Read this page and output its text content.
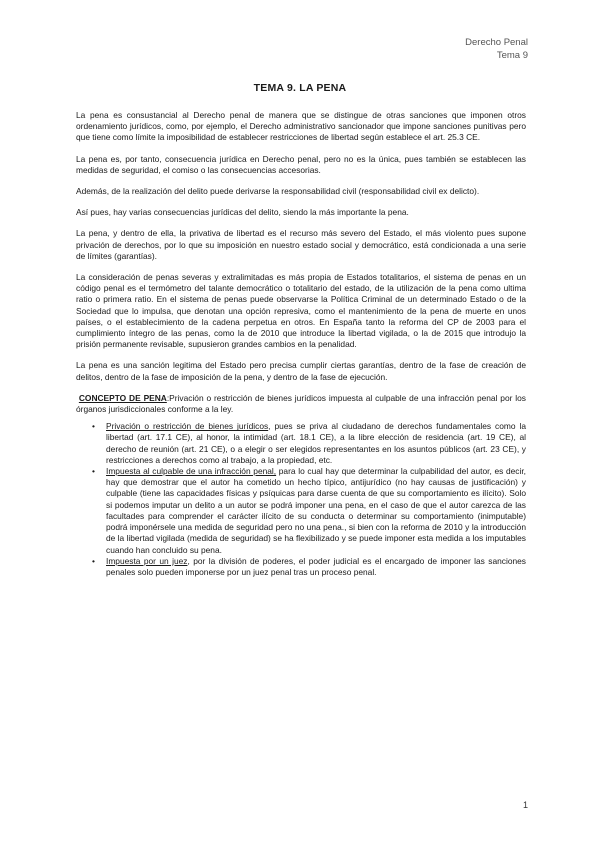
Derecho Penal
Tema 9
TEMA 9. LA PENA

La pena es consustancial al Derecho penal de manera que se distingue de otras sanciones que imponen otros ordenamiento jurídicos, como, por ejemplo, el Derecho administrativo sancionador que impone sanciones punitivas pero que tiene como límite la imposibilidad de establecer restricciones de libertad según establece el art. 25.3 CE.

La pena es, por tanto, consecuencia jurídica en Derecho penal, pero no es la única, pues también se establecen las medidas de seguridad, el comiso o las consecuencias accesorias.

Además, de la realización del delito puede derivarse la responsabilidad civil (responsabilidad civil ex delicto).

Así pues, hay varias consecuencias jurídicas del delito, siendo la más importante la pena.

La pena, y dentro de ella, la privativa de libertad es el recurso más severo del Estado, el más violento pues supone privación de derechos, por lo que su imposición en nuestro estado social y democrático, está condicionada a una serie de límites (garantías).

La consideración de penas severas y extralimitadas es más propia de Estados totalitarios, el sistema de penas en un código penal es el termómetro del talante democrático o totalitario del estado, de la utilización de la pena como ultima ratio o primera ratio. En el sistema de penas puede observarse la Política Criminal de un determinado Estado o de la Sociedad que lo impulsa, que denotan una opción represiva, como el mantenimiento de la pena de muerte en unos países, o el establecimiento de la cadena perpetua en otros. En España tanto la reforma del CP de 2003 para el cumplimiento íntegro de las penas, como la de 2010 que introduce la libertad vigilada, o la de 2015 que introdujo la prisión permanente revisable, supusieron grandes cambios en la penalidad.

La pena es una sanción legitima del Estado pero precisa cumplir ciertas garantías, dentro de la fase de creación de delitos, dentro de la fase de imposición de la pena, y dentro de la fase de ejecución.

CONCEPTO DE PENA:Privación o restricción de bienes jurídicos impuesta al culpable de una infracción penal por los órganos jurisdiccionales conforme a la ley.

• Privación o restricción de bienes jurídicos, pues se priva al ciudadano de derechos fundamentales como la libertad (art. 17.1 CE), al honor, la intimidad (art. 18.1 CE), a la libre elección de residencia (art. 19 CE), al derecho de reunión (art. 21 CE), o a elegir o ser elegidos representantes en los asuntos públicos (art. 23 CE), y restricciones a derechos como al trabajo, a la propiedad, etc.
• Impuesta al culpable de una infracción penal, para lo cual hay que determinar la culpabilidad del autor, es decir, hay que demostrar que el autor ha cometido un hecho típico, antijurídico (no hay causas de justificación) y culpable (tiene las capacidades físicas y psíquicas para darse cuenta de que su comportamiento es ilícito). Solo si podemos imputar un delito a un autor se podrá imponer una pena, en el caso de que el autor carezca de las facultades para comprender el carácter ilícito de su conducta o determinar su comportamiento (inimputable) podrá imponérsele una medida de seguridad pero no una pena., si bien con la reforma de 2010 y la introducción de la libertad vigilada (medida de seguridad) se ha flexibilizado y se puede imponer esta medida a los imputables cuando han concluido su pena.
• Impuesta por un juez, por la división de poderes, el poder judicial es el encargado de imponer las sanciones penales solo pueden imponerse por un juez penal tras un proceso penal.
1
